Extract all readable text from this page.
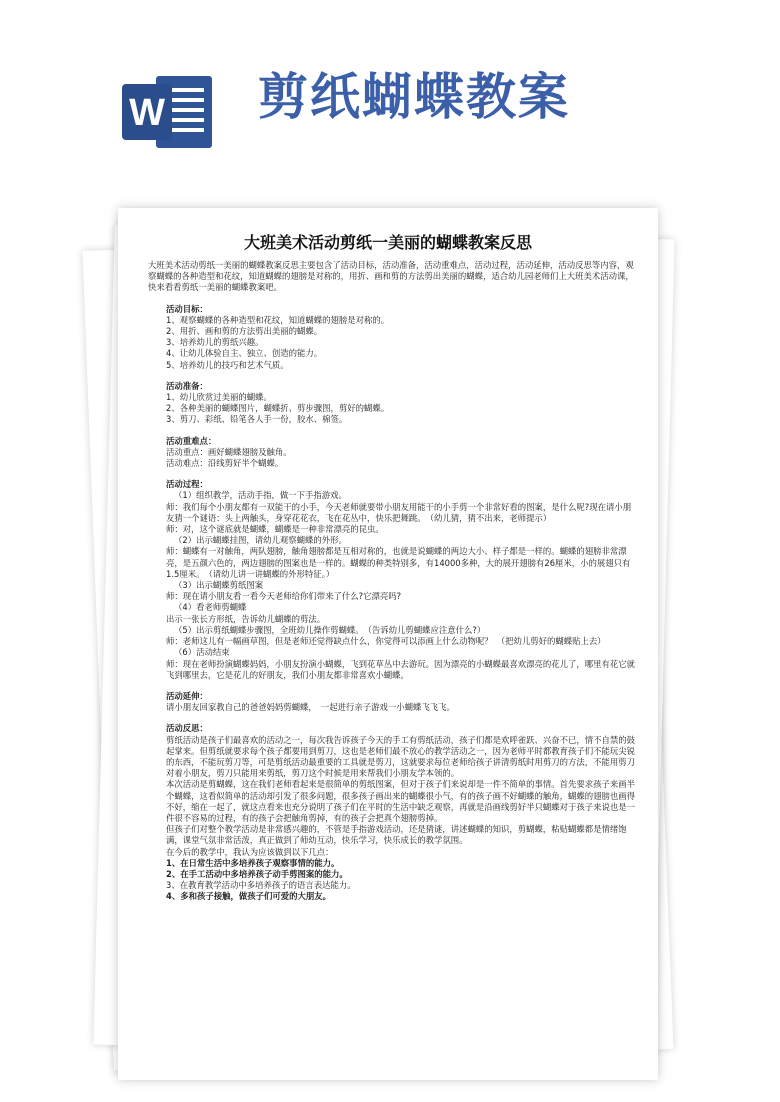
W 剪纸蝴蝶教案
大班美术活动剪纸一美丽的蝴蝶教案反思

大班美术活动剪纸一美丽的蝴蝶教案反思主要包含了活动目标，活动准备，活动重难点，活动过程，活动延伸，活动反思等内容，观察蝴蝶的各种造型和花纹，知道蝴蝶的翅膀是对称的，用折、画和剪的方法剪出美丽的蝴蝶，适合幼儿园老师们上大班美术活动课，快来看看剪纸一美丽的蝴蝶教案吧。

活动目标：

1、观察蝴蝶的各种造型和花纹，知道蝴蝶的翅膀是对称的。

2、用折、画和剪的方法剪出美丽的蝴蝶。

3、培养幼儿的剪纸兴趣。

4、让幼儿体验自主、独立、创造的能力。

5、培养幼儿的技巧和艺术气质。

活动准备：

1、幼儿欣赏过美丽的蝴蝶。

2、各种美丽的蝴蝶图片，蝴蝶折、剪步骤图，剪好的蝴蝶。

3、剪刀、彩纸、铅笔各人手一份，胶水、棉签。

活动重难点：

活动重点：画好蝴蝶翅膀及触角。

活动难点：沿线剪好半个蝴蝶。

活动过程：

（1）组织教学，活动手指，做一下手指游戏。

师：我们每个小朋友都有一双能干的小手，今天老师就要带小朋友用能干的小手剪一个非常好看的图案，是什么呢?现在请小朋友猜一个谜语：头上两触头，身穿花花衣，飞在花丛中，快乐把舞跳。　（幼儿猜，猜不出来，老师提示）

师：对，这个谜底就是蝴蝶，蝴蝶是一种非常漂亮的昆虫。

（2）出示蝴蝶挂图，请幼儿观察蝴蝶的外形。

师：蝴蝶有一对触角，两队翅膀，触角翅膀都是互相对称的，也就是说蝴蝶的两边大小、样子都是一样的。蝴蝶的翅膀非常漂亮，是五颜六色的，两边翅膀的图案也是一样的。蝴蝶的种类特别多，有14000多种，大的展开翅膀有26厘米，小的展翅只有1.5厘米。　（请幼儿讲一讲蝴蝶的外形特征。）

（3）出示蝴蝶剪纸图案

师：现在请小朋友看一看今天老师给你们带来了什么?它漂亮吗?

（4）看老师剪蝴蝶

出示一张长方形纸，告诉幼儿蝴蝶的剪法。

（5）出示剪纸蝴蝶步骤图，全班幼儿操作剪蝴蝶。　（告诉幼儿剪蝴蝶应注意什么?）

师：老师这儿有一幅画草图，但是老师还觉得缺点什么，你觉得可以添画上什么动物呢？　（把幼儿剪好的蝴蝶贴上去）

（6）活动结束

师：现在老师扮演蝴蝶妈妈，小朋友扮演小蝴蝶，飞到花草丛中去游玩。因为漂亮的小蝴蝶最喜欢漂亮的花儿了，哪里有花它就飞到哪里去，它是花儿的好朋友，我们小朋友都非常喜欢小蝴蝶。

活动延伸：

请小朋友回家教自己的爸爸妈妈剪蝴蝶，　一起进行亲子游戏一小蝴蝶飞飞飞。

活动反思：

剪纸活动是孩子们最喜欢的活动之一，每次我告诉孩子今天的手工有剪纸活动，孩子们都是欢呼雀跃、兴奋不已，情不自禁的鼓起掌来。但剪纸就要求每个孩子都要用到剪刀，这也是老师们最不放心的教学活动之一，因为老师平时都教育孩子们不能玩尖锐的东西，不能玩剪刀等，可是剪纸活动最重要的工具就是剪刀，这就要求每位老师给孩子讲清剪纸时用剪刀的方法，不能用剪刀对着小朋友，剪刀只能用来剪纸，剪刀这个时候是用来帮我们小朋友学本领的。

本次活动是剪蝴蝶，这在我们老师看起来是很简单的剪纸图案，但对于孩子们来说却是一件不简单的事情。首先要求孩子来画半个蝴蝶，这看似简单的活动却引发了很多问题，很多孩子画出来的蝴蝶很小气，有的孩子画不好蝴蝶的触角，蝴蝶的翅膀也画得不好，缩在一起了，就这点看来也充分说明了孩子们在平时的生活中缺乏观察，再就是沿画线剪好半只蝴蝶对于孩子来说也是一件很不容易的过程，有的孩子会把触角剪掉，有的孩子会把真个翅膀剪掉。

但孩子们对整个教学活动是非常感兴趣的，不管是手指游戏活动，还是猜谜，讲述蝴蝶的知识，剪蝴蝶，粘贴蝴蝶都是情绪饱满，课堂气氛非常活泼，真正做到了师幼互动，快乐学习，快乐成长的教学氛围。

在今后的教学中，我认为应该做到以下几点：

1、在日常生活中多培养孩子观察事情的能力。

2、在手工活动中多培养孩子动手剪图案的能力。

3、在教育教学活动中多培养孩子的语言表达能力。

4、多和孩子接触，做孩子们可爱的大朋友。
